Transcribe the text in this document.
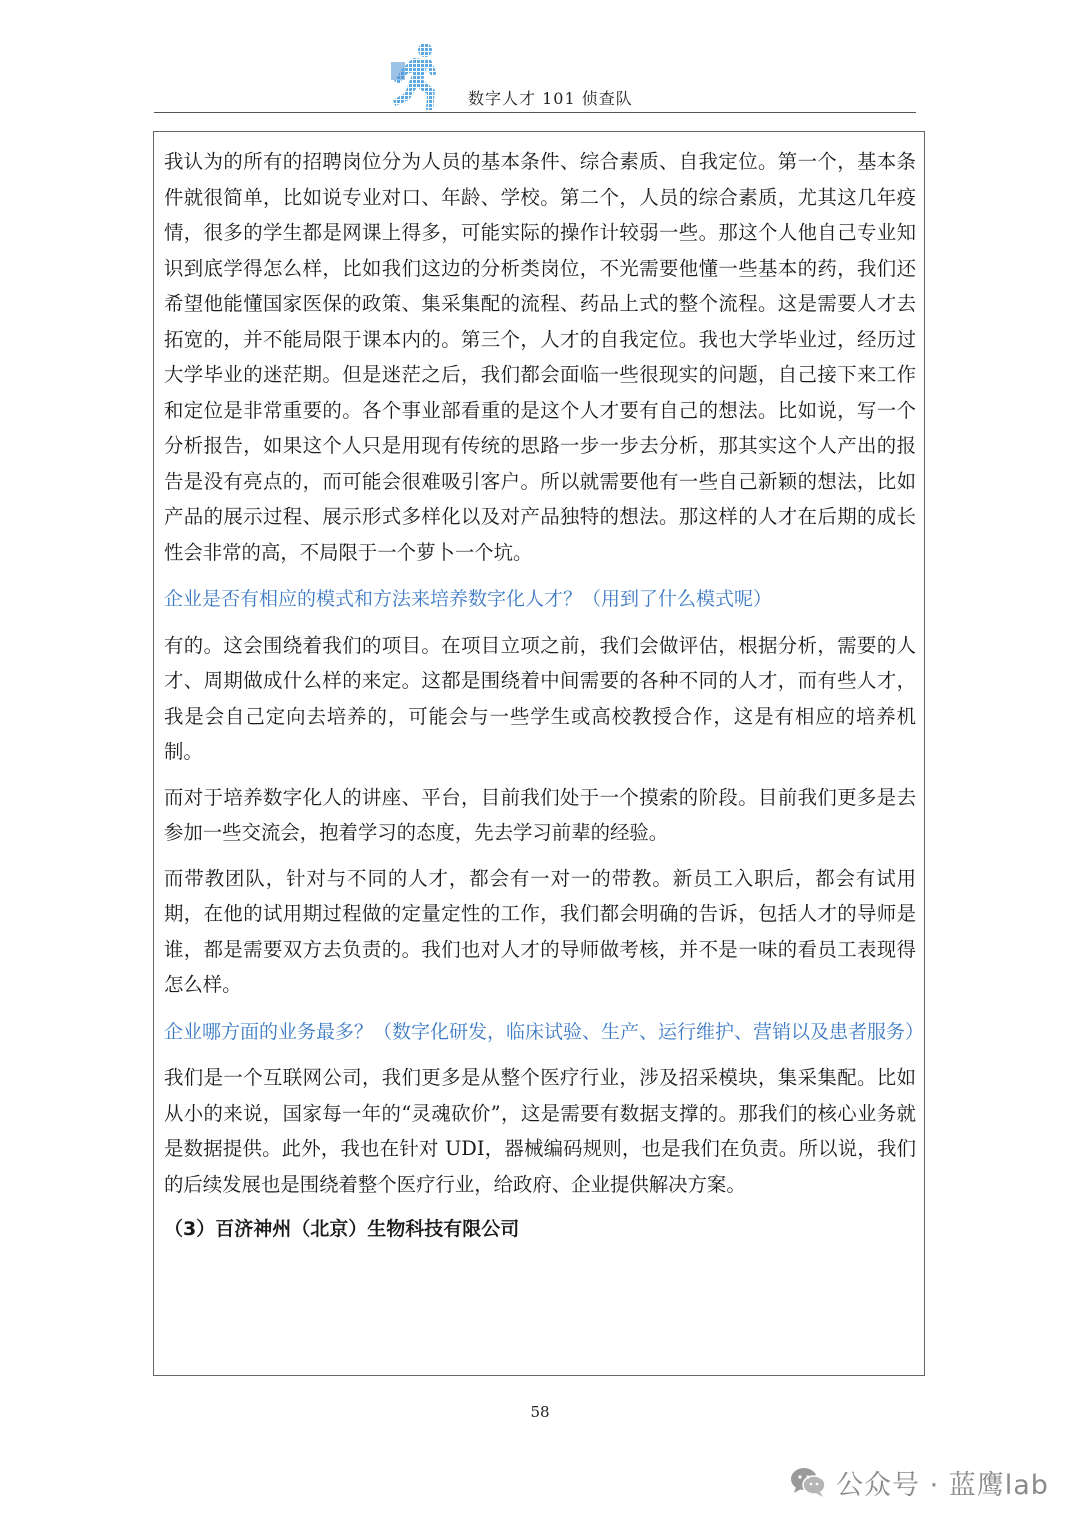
数字人才 101 侦查队

我认为的所有的招聘岗位分为人员的基本条件、综合素质、自我定位。第一个，基本条件就很简单，比如说专业对口、年龄、学校。第二个，人员的综合素质，尤其这几年疫情，很多的学生都是网课上得多，可能实际的操作计较弱一些。那这个人他自己专业知识到底学得怎么样，比如我们这边的分析类岗位，不光需要他懂一些基本的药，我们还希望他能懂国家医保的政策、集采集配的流程、药品上式的整个流程。这是需要人才去拓宽的，并不能局限于课本内的。第三个，人才的自我定位。我也大学毕业过，经历过大学毕业的迷茫期。但是迷茫之后，我们都会面临一些很现实的问题，自己接下来工作和定位是非常重要的。各个事业部看重的是这个人才要有自己的想法。比如说，写一个分析报告，如果这个人只是用现有传统的思路一步一步去分析，那其实这个人产出的报告是没有亮点的，而可能会很难吸引客户。所以就需要他有一些自己新颖的想法，比如产品的展示过程、展示形式多样化以及对产品独特的想法。那这样的人才在后期的成长性会非常的高，不局限于一个萝卜一个坑。

企业是否有相应的模式和方法来培养数字化人才？（用到了什么模式呢）

有的。这会围绕着我们的项目。在项目立项之前，我们会做评估，根据分析，需要的人才、周期做成什么样的来定。这都是围绕着中间需要的各种不同的人才，而有些人才，我是会自己定向去培养的，可能会与一些学生或高校教授合作，这是有相应的培养机制。

而对于培养数字化人的讲座、平台，目前我们处于一个摸索的阶段。目前我们更多是去参加一些交流会，抱着学习的态度，先去学习前辈的经验。

而带教团队，针对与不同的人才，都会有一对一的带教。新员工入职后，都会有试用期，在他的试用期过程做的定量定性的工作，我们都会明确的告诉，包括人才的导师是谁，都是需要双方去负责的。我们也对人才的导师做考核，并不是一味的看员工表现得怎么样。

企业哪方面的业务最多？（数字化研发，临床试验、生产、运行维护、营销以及患者服务）

我们是一个互联网公司，我们更多是从整个医疗行业，涉及招采模块，集采集配。比如从小的来说，国家每一年的“灵魂砍价”，这是需要有数据支撑的。那我们的核心业务就是数据提供。此外，我也在针对 UDI，器械编码规则，也是我们在负责。所以说，我们的后续发展也是围绕着整个医疗行业，给政府、企业提供解决方案。

（3）百济神州（北京）生物科技有限公司
58
公众号 · 蓝鹰lab
